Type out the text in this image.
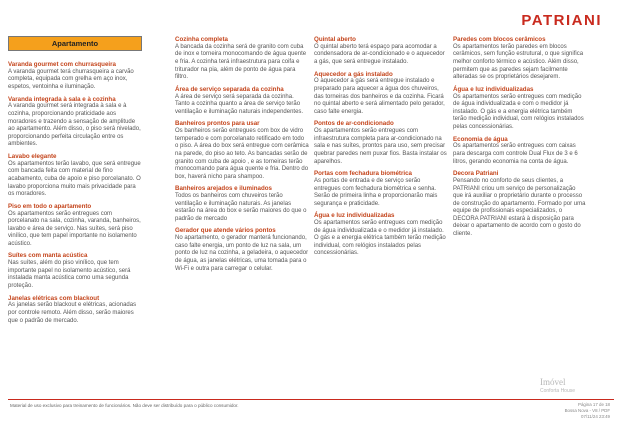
PATRIANI
Apartamento
Varanda gourmet com churrasqueira
A varanda gourmet terá churrasqueira a carvão completa, equipada com grelha em aço inox, espetos, ventoinha e iluminação.
Varanda integrada à sala e à cozinha
A varanda gourmet será integrada à sala e à cozinha, proporcionando praticidade aos moradores e trazendo a sensação de amplitude ao apartamento. Além disso, o piso será nivelado, proporcionando perfeita circulação entre os ambientes.
Lavabo elegante
Os apartamentos terão lavabo, que será entregue com bancada feita com material de fino acabamento, cuba de apoio e piso porcelanato. O lavabo proporciona muito mais privacidade para os moradores.
Piso em todo o apartamento
Os apartamentos serão entregues com porcelanato na sala, cozinha, varanda, banheiros, lavabo e área de serviço. Nas suítes, será piso vinílico, que tem papel importante no isolamento acústico.
Suítes com manta acústica
Nas suítes, além do piso vinílico, que tem importante papel no isolamento acústico, será instalada manta acústica como uma segunda proteção.
Janelas elétricas com blackout
As janelas serão blackout e elétricas, acionadas por controle remoto. Além disso, serão maiores que o padrão de mercado.
Cozinha completa
A bancada da cozinha será de granito com cuba de inox e torneira monocomando de água quente e fria. A cozinha terá infraestrutura para coifa e triturador na pia, além de ponto de água para filtro.
Área de serviço separada da cozinha
A área de serviço será separada da cozinha. Tanto a cozinha quanto a área de serviço terão ventilação e iluminação naturais independentes.
Banheiros prontos para usar
Os banheiros serão entregues com box de vidro temperado e com porcelanato retificado em todo o piso. A área do box será entregue com cerâmica na parede, do piso ao teto. As bancadas serão de granito com cuba de apoio , e as torneiras terão monocomando para água quente e fria. Dentro do box, haverá nicho para shampoo.
Banheiros arejados e iluminados
Todos os banheiros com chuveiros terão ventilação e iluminação naturais. As janelas estarão na área do box e serão maiores do que o padrão de mercado
Gerador que atende vários pontos
No apartamento, o gerador manterá funcionando, caso falte energia, um ponto de luz na sala, um ponto de luz na cozinha, a geladeira, o aquecedor de água, as janelas elétricas, uma tomada para o Wi-Fi e outra para carregar o celular.
Quintal aberto
O quintal aberto terá espaço para acomodar a condensadora de ar-condicionado e o aquecedor a gás, que será entregue instalado.
Aquecedor a gás instalado
O aquecedor a gás será entregue instalado e preparado para aquecer a água dos chuveiros, das torneiras dos banheiros e da cozinha. Ficará no quintal aberto e será alimentado pelo gerador, caso falte energia.
Pontos de ar-condicionado
Os apartamentos serão entregues com infraestrutura completa para ar-condicionado na sala e nas suítes, prontos para uso, sem precisar quebrar paredes nem puxar fios. Basta instalar os aparelhos.
Portas com fechadura biométrica
As portas de entrada e de serviço serão entregues com fechadura biométrica e senha. Serão de primeira linha e proporcionarão mais segurança e praticidade.
Água e luz individualizadas
Os apartamentos serão entregues com medição de água individualizada e o medidor já instalado. O gás e a energia elétrica também terão medição individual, com relógios instalados pelas concessionárias.
Paredes com blocos cerâmicos
Os apartamentos terão paredes em blocos cerâmicos, sem função estrutural, o que significa melhor conforto térmico e acústico. Além disso, permitem que as paredes sejam facilmente alteradas se os proprietários desejarem.
Água e luz individualizadas
Os apartamentos serão entregues com medição de água individualizada e com o medidor já instalado. O gás e a energia elétrica também terão medição individual, com relógios instalados pelas concessionárias.
Economia de água
Os apartamentos serão entregues com caixas para descarga com controle Dual Flux de 3 e 6 litros, gerando economia na conta de água.
Decora Patriani
Pensando no conforto de seus clientes, a PATRIANI criou um serviço de personalização que irá auxiliar o proprietário durante o processo de construção do apartamento. Formado por uma equipe de profissionais especializados, o DECORA PATRIANI estará à disposição para deixar o apartamento de acordo com o gosto do cliente.
Imóvel
Conforta House
Material de uso exclusivo para treinamento de funcionários. Não deve ser distribuído para o público consumidor.	Página 17 de 18
Bossa Nova - V8 / PDF
07/11/24 23:49
